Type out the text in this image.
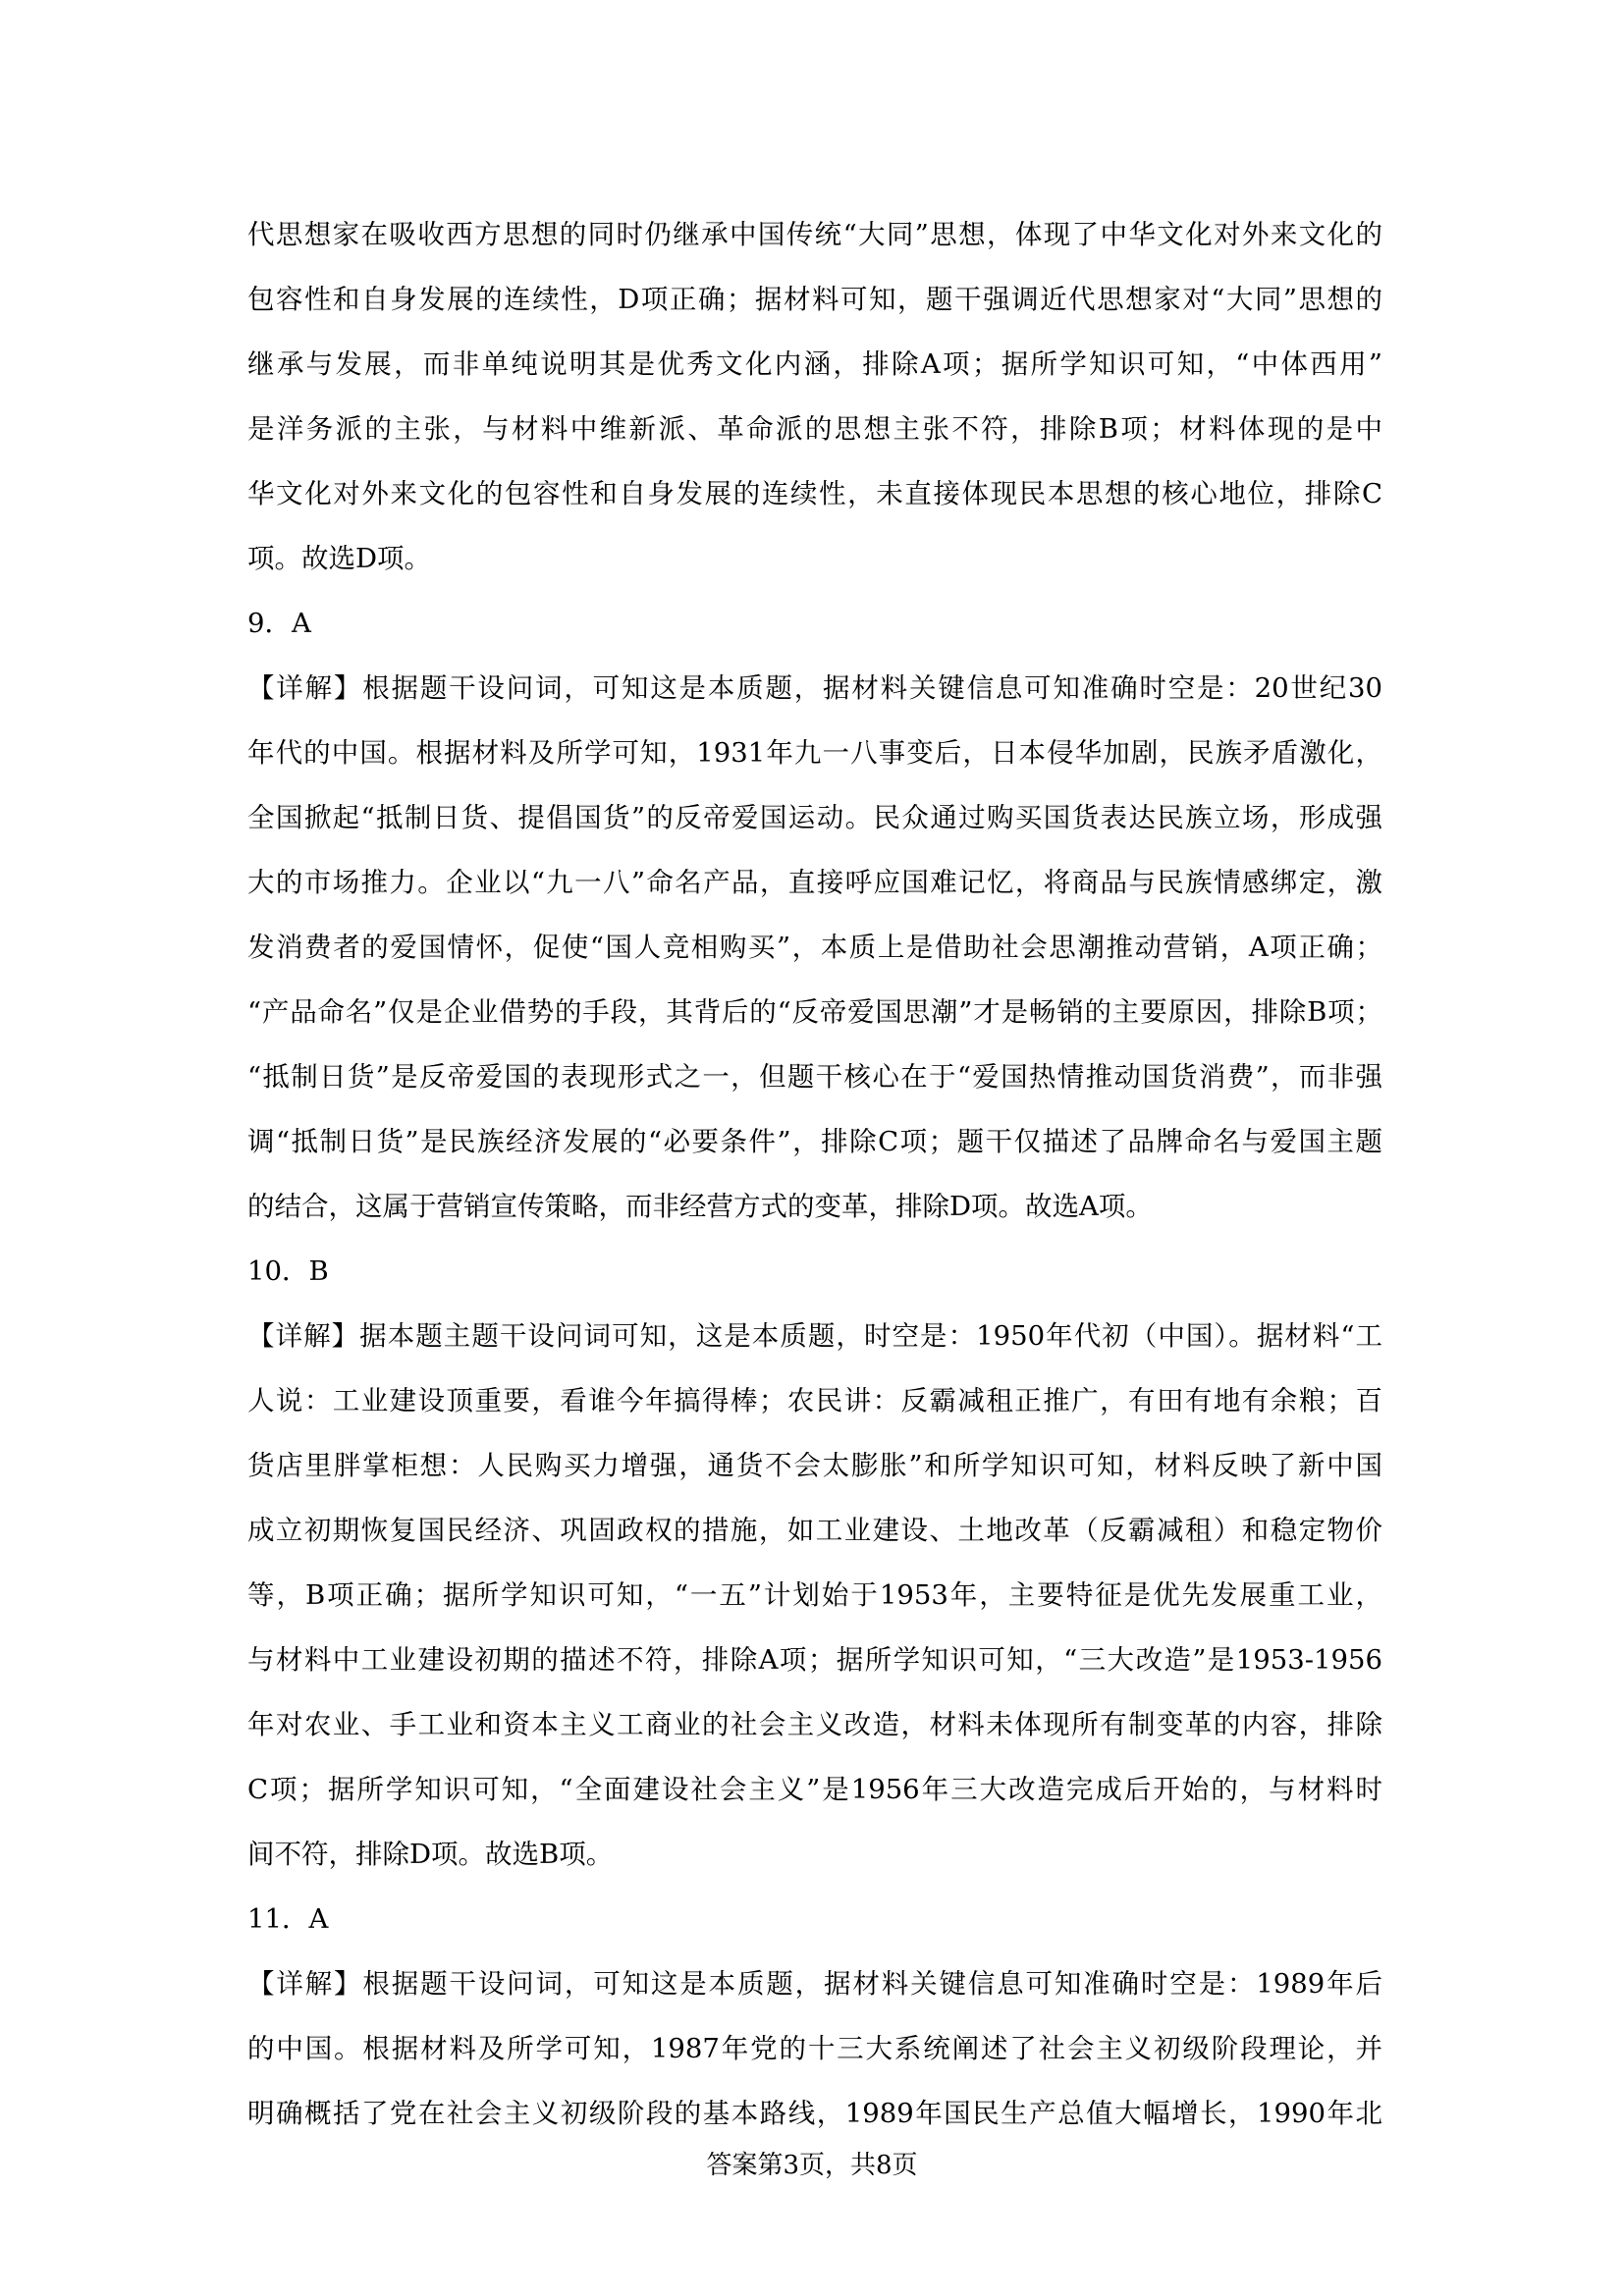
代思想家在吸收西方思想的同时仍继承中国传统“大同”思想，体现了中华文化对外来文化的
包容性和自身发展的连续性，D项正确；据材料可知，题干强调近代思想家对“大同”思想的
继承与发展，而非单纯说明其是优秀文化内涵，排除A项；据所学知识可知，“中体西用”
是洋务派的主张，与材料中维新派、革命派的思想主张不符，排除B项；材料体现的是中
华文化对外来文化的包容性和自身发展的连续性，未直接体现民本思想的核心地位，排除C
项。故选D项。
9．A
【详解】根据题干设问词，可知这是本质题，据材料关键信息可知准确时空是：20世纪30
年代的中国。根据材料及所学可知，1931年九一八事变后，日本侵华加剧，民族矛盾激化，
全国掀起“抵制日货、提倡国货”的反帝爱国运动。民众通过购买国货表达民族立场，形成强
大的市场推力。企业以“九一八”命名产品，直接呼应国难记忆，将商品与民族情感绑定，激
发消费者的爱国情怀，促使“国人竞相购买”，本质上是借助社会思潮推动营销，A项正确；
“产品命名”仅是企业借势的手段，其背后的“反帝爱国思潮”才是畅销的主要原因，排除B项；
“抵制日货”是反帝爱国的表现形式之一，但题干核心在于“爱国热情推动国货消费”，而非强
调“抵制日货”是民族经济发展的“必要条件”，排除C项；题干仅描述了品牌命名与爱国主题
的结合，这属于营销宣传策略，而非经营方式的变革，排除D项。故选A项。
10．B
【详解】据本题主题干设问词可知，这是本质题，时空是：1950年代初（中国）。据材料“工
人说：工业建设顶重要，看谁今年搞得棒；农民讲：反霸减租正推广，有田有地有余粮；百
货店里胖掌柜想：人民购买力增强，通货不会太膨胀”和所学知识可知，材料反映了新中国
成立初期恢复国民经济、巩固政权的措施，如工业建设、土地改革（反霸减租）和稳定物价
等，B项正确；据所学知识可知，“一五”计划始于1953年，主要特征是优先发展重工业，
与材料中工业建设初期的描述不符，排除A项；据所学知识可知，“三大改造”是1953-1956
年对农业、手工业和资本主义工商业的社会主义改造，材料未体现所有制变革的内容，排除
C项；据所学知识可知，“全面建设社会主义”是1956年三大改造完成后开始的，与材料时
间不符，排除D项。故选B项。
11．A
【详解】根据题干设问词，可知这是本质题，据材料关键信息可知准确时空是：1989年后
的中国。根据材料及所学可知，1987年党的十三大系统阐述了社会主义初级阶段理论，并
明确概括了党在社会主义初级阶段的基本路线，1989年国民生产总值大幅增长，1990年北
答案第3页，共8页
